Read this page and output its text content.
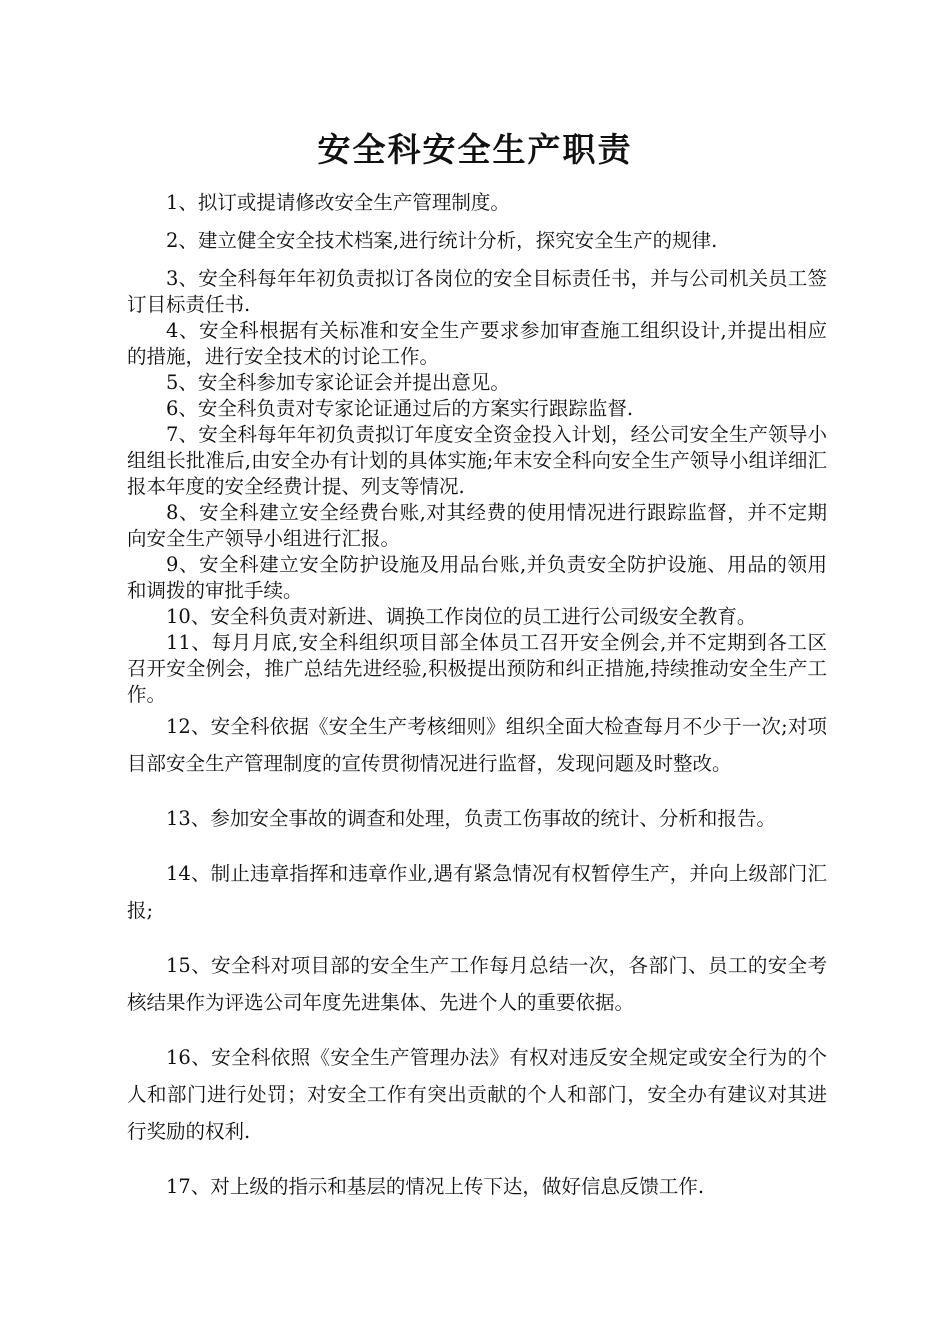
安全科安全生产职责

1、拟订或提请修改安全生产管理制度。

2、建立健全安全技术档案,进行统计分析，探究安全生产的规律.

3、安全科每年年初负责拟订各岗位的安全目标责任书，并与公司机关员工签订目标责任书.

4、安全科根据有关标准和安全生产要求参加审查施工组织设计,并提出相应的措施，进行安全技术的讨论工作。

5、安全科参加专家论证会并提出意见。

6、安全科负责对专家论证通过后的方案实行跟踪监督.

7、安全科每年年初负责拟订年度安全资金投入计划，经公司安全生产领导小组组长批准后,由安全办有计划的具体实施;年末安全科向安全生产领导小组详细汇报本年度的安全经费计提、列支等情况.

8、安全科建立安全经费台账,对其经费的使用情况进行跟踪监督，并不定期向安全生产领导小组进行汇报。

9、安全科建立安全防护设施及用品台账,并负责安全防护设施、用品的领用和调拨的审批手续。

10、安全科负责对新进、调换工作岗位的员工进行公司级安全教育。

11、每月月底,安全科组织项目部全体员工召开安全例会,并不定期到各工区召开安全例会，推广总结先进经验,积极提出预防和纠正措施,持续推动安全生产工作。

12、安全科依据《安全生产考核细则》组织全面大检查每月不少于一次;对项目部安全生产管理制度的宣传贯彻情况进行监督，发现问题及时整改。

13、参加安全事故的调查和处理，负责工伤事故的统计、分析和报告。

14、制止违章指挥和违章作业,遇有紧急情况有权暂停生产，并向上级部门汇报;

15、安全科对项目部的安全生产工作每月总结一次，各部门、员工的安全考核结果作为评选公司年度先进集体、先进个人的重要依据。

16、安全科依照《安全生产管理办法》有权对违反安全规定或安全行为的个人和部门进行处罚；对安全工作有突出贡献的个人和部门，安全办有建议对其进行奖励的权利.

17、对上级的指示和基层的情况上传下达，做好信息反馈工作.
